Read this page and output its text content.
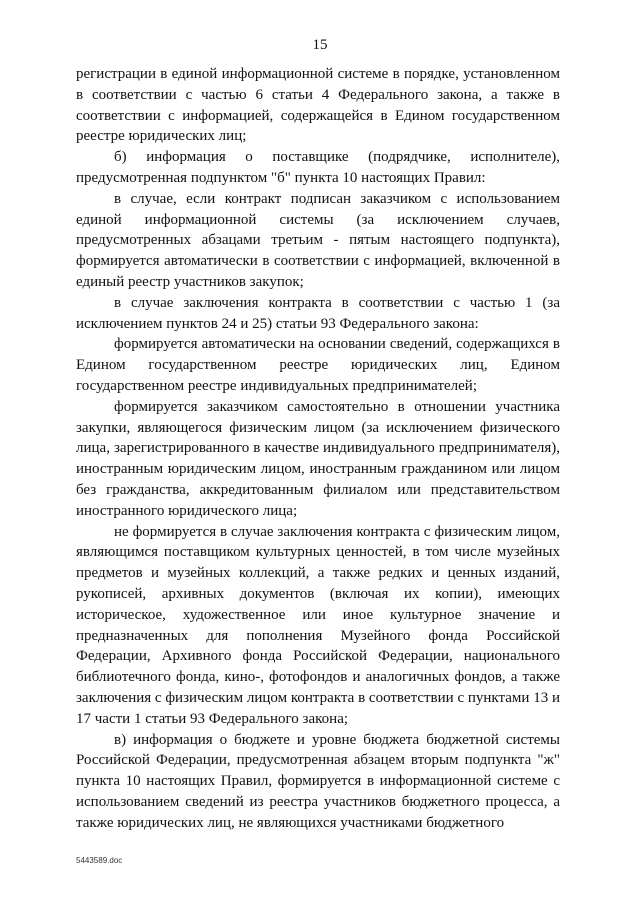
15

регистрации в единой информационной системе в порядке, установленном в соответствии с частью 6 статьи 4 Федерального закона, а также в соответствии с информацией, содержащейся в Едином государственном реестре юридических лиц;

б) информация о поставщике (подрядчике, исполнителе), предусмотренная подпунктом "б" пункта 10 настоящих Правил:

в случае, если контракт подписан заказчиком с использованием единой информационной системы (за исключением случаев, предусмотренных абзацами третьим - пятым настоящего подпункта), формируется автоматически в соответствии с информацией, включенной в единый реестр участников закупок;

в случае заключения контракта в соответствии с частью 1 (за исключением пунктов 24 и 25) статьи 93 Федерального закона:

формируется автоматически на основании сведений, содержащихся в Едином государственном реестре юридических лиц, Едином государственном реестре индивидуальных предпринимателей;

формируется заказчиком самостоятельно в отношении участника закупки, являющегося физическим лицом (за исключением физического лица, зарегистрированного в качестве индивидуального предпринимателя), иностранным юридическим лицом, иностранным гражданином или лицом без гражданства, аккредитованным филиалом или представительством иностранного юридического лица;

не формируется в случае заключения контракта с физическим лицом, являющимся поставщиком культурных ценностей, в том числе музейных предметов и музейных коллекций, а также редких и ценных изданий, рукописей, архивных документов (включая их копии), имеющих историческое, художественное или иное культурное значение и предназначенных для пополнения Музейного фонда Российской Федерации, Архивного фонда Российской Федерации, национального библиотечного фонда, кино-, фотофондов и аналогичных фондов, а также заключения с физическим лицом контракта в соответствии с пунктами 13 и 17 части 1 статьи 93 Федерального закона;

в) информация о бюджете и уровне бюджета бюджетной системы Российской Федерации, предусмотренная абзацем вторым подпункта "ж" пункта 10 настоящих Правил, формируется в информационной системе с использованием сведений из реестра участников бюджетного процесса, а также юридических лиц, не являющихся участниками бюджетного

5443589.doc
